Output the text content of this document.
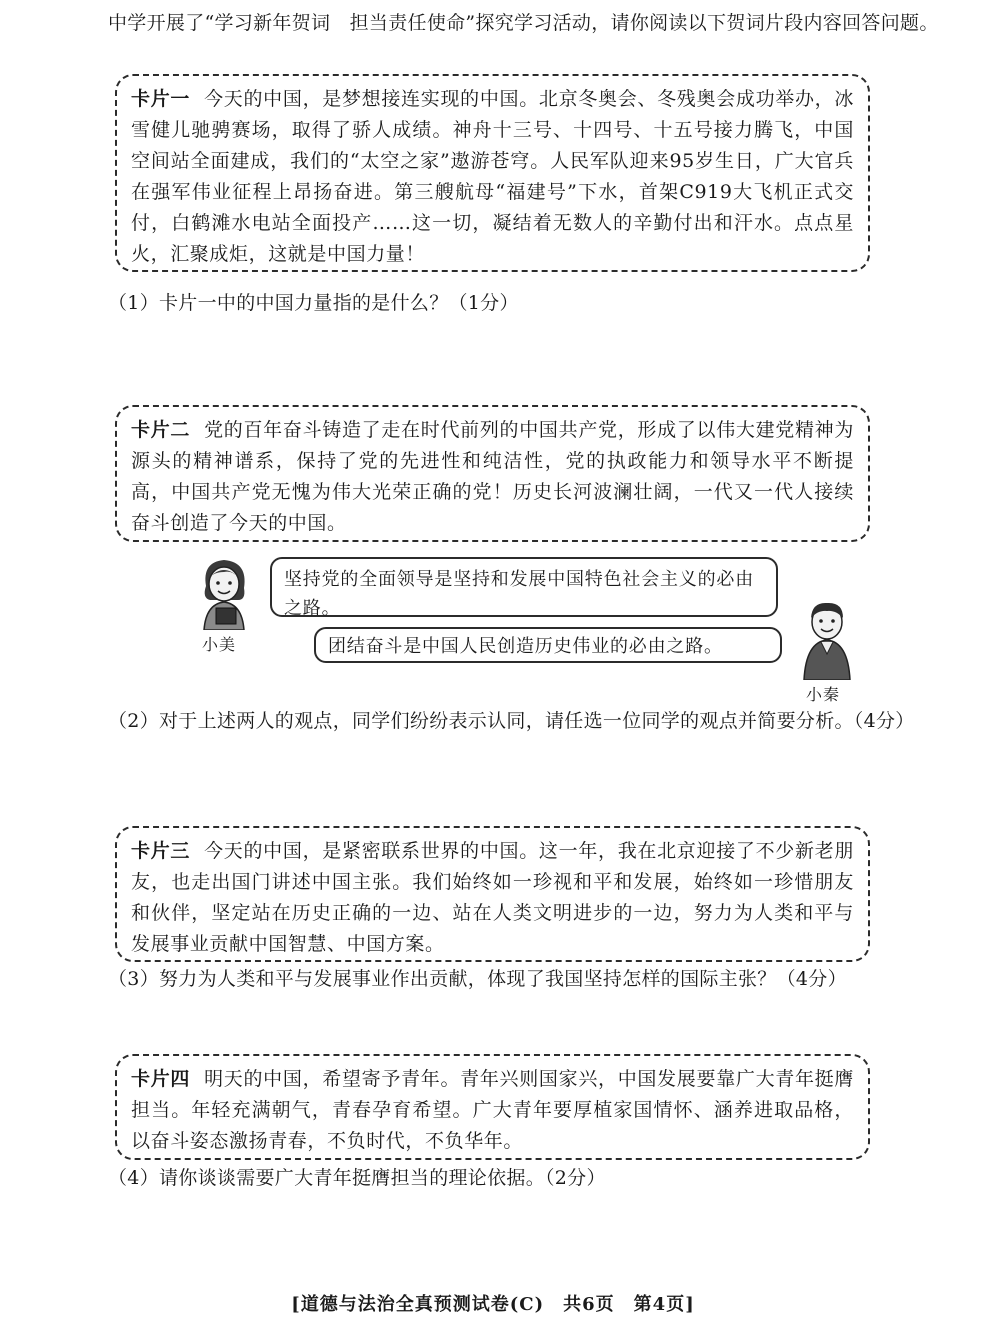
中学开展了“学习新年贺词　担当责任使命”探究学习活动，请你阅读以下贺词片段内容回答问题。
卡片一 今天的中国，是梦想接连实现的中国。北京冬奥会、冬残奥会成功举办，冰雪健儿驰骋赛场，取得了骄人成绩。神舟十三号、十四号、十五号接力腾飞，中国空间站全面建成，我们的“太空之家”遨游苍穹。人民军队迎来95岁生日，广大官兵在强军伟业征程上昂扬奋进。第三艘航母“福建号”下水，首架C919大飞机正式交付，白鹤滩水电站全面投产……这一切，凝结着无数人的辛勤付出和汗水。点点星火，汇聚成炬，这就是中国力量！
（1）卡片一中的中国力量指的是什么？（1分）
卡片二 党的百年奋斗铸造了走在时代前列的中国共产党，形成了以伟大建党精神为源头的精神谱系，保持了党的先进性和纯洁性，党的执政能力和领导水平不断提高，中国共产党无愧为伟大光荣正确的党！历史长河波澜壮阔，一代又一代人接续奋斗创造了今天的中国。
小美
坚持党的全面领导是坚持和发展中国特色社会主义的必由之路。
团结奋斗是中国人民创造历史伟业的必由之路。
小秦
（2）对于上述两人的观点，同学们纷纷表示认同，请任选一位同学的观点并简要分析。（4分）
卡片三 今天的中国，是紧密联系世界的中国。这一年，我在北京迎接了不少新老朋友，也走出国门讲述中国主张。我们始终如一珍视和平和发展，始终如一珍惜朋友和伙伴，坚定站在历史正确的一边、站在人类文明进步的一边，努力为人类和平与发展事业贡献中国智慧、中国方案。
（3）努力为人类和平与发展事业作出贡献，体现了我国坚持怎样的国际主张？（4分）
卡片四 明天的中国，希望寄予青年。青年兴则国家兴，中国发展要靠广大青年挺膺担当。年轻充满朝气，青春孕育希望。广大青年要厚植家国情怀、涵养进取品格，以奋斗姿态激扬青春，不负时代，不负华年。
（4）请你谈谈需要广大青年挺膺担当的理论依据。（2分）
[道德与法治全真预测试卷(C)　共6页　第4页]
